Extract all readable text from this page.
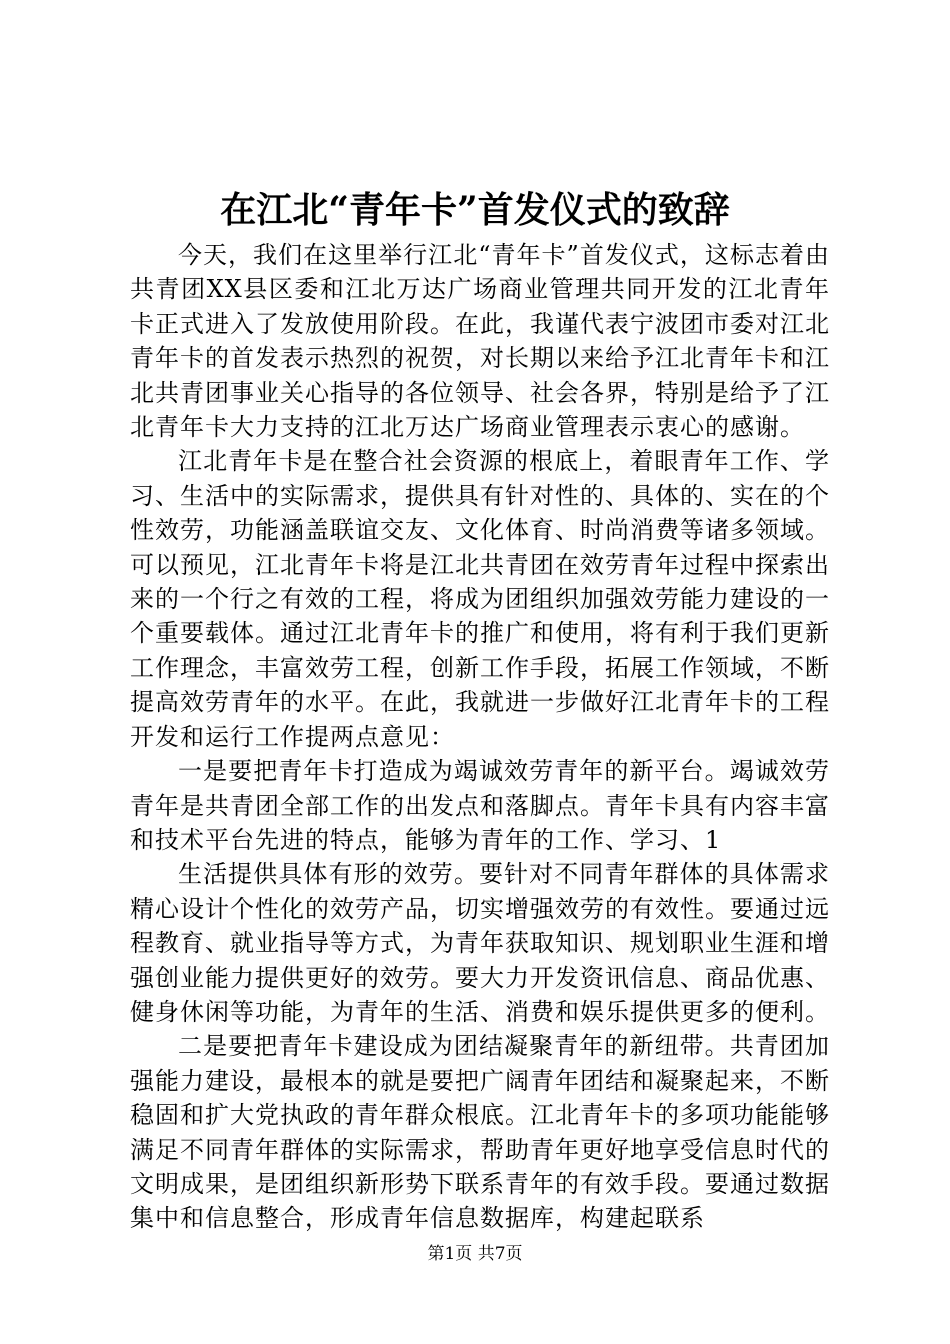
在江北“青年卡”首发仪式的致辞

今天，我们在这里举行江北“青年卡”首发仪式，这标志着由共青团XX县区委和江北万达广场商业管理共同开发的江北青年卡正式进入了发放使用阶段。在此，我谨代表宁波团市委对江北青年卡的首发表示热烈的祝贺，对长期以来给予江北青年卡和江北共青团事业关心指导的各位领导、社会各界，特别是给予了江北青年卡大力支持的江北万达广场商业管理表示衷心的感谢。

江北青年卡是在整合社会资源的根底上，着眼青年工作、学习、生活中的实际需求，提供具有针对性的、具体的、实在的个性效劳，功能涵盖联谊交友、文化体育、时尚消费等诸多领域。可以预见，江北青年卡将是江北共青团在效劳青年过程中探索出来的一个行之有效的工程，将成为团组织加强效劳能力建设的一个重要载体。通过江北青年卡的推广和使用，将有利于我们更新工作理念，丰富效劳工程，创新工作手段，拓展工作领域，不断提高效劳青年的水平。在此，我就进一步做好江北青年卡的工程开发和运行工作提两点意见：

一是要把青年卡打造成为竭诚效劳青年的新平台。竭诚效劳青年是共青团全部工作的出发点和落脚点。青年卡具有内容丰富和技术平台先进的特点，能够为青年的工作、学习、1

生活提供具体有形的效劳。要针对不同青年群体的具体需求精心设计个性化的效劳产品，切实增强效劳的有效性。要通过远程教育、就业指导等方式，为青年获取知识、规划职业生涯和增强创业能力提供更好的效劳。要大力开发资讯信息、商品优惠、健身休闲等功能，为青年的生活、消费和娱乐提供更多的便利。

二是要把青年卡建设成为团结凝聚青年的新纽带。共青团加强能力建设，最根本的就是要把广阔青年团结和凝聚起来，不断稳固和扩大党执政的青年群众根底。江北青年卡的多项功能能够满足不同青年群体的实际需求，帮助青年更好地享受信息时代的文明成果，是团组织新形势下联系青年的有效手段。要通过数据集中和信息整合，形成青年信息数据库，构建起联系

第1页 共7页
